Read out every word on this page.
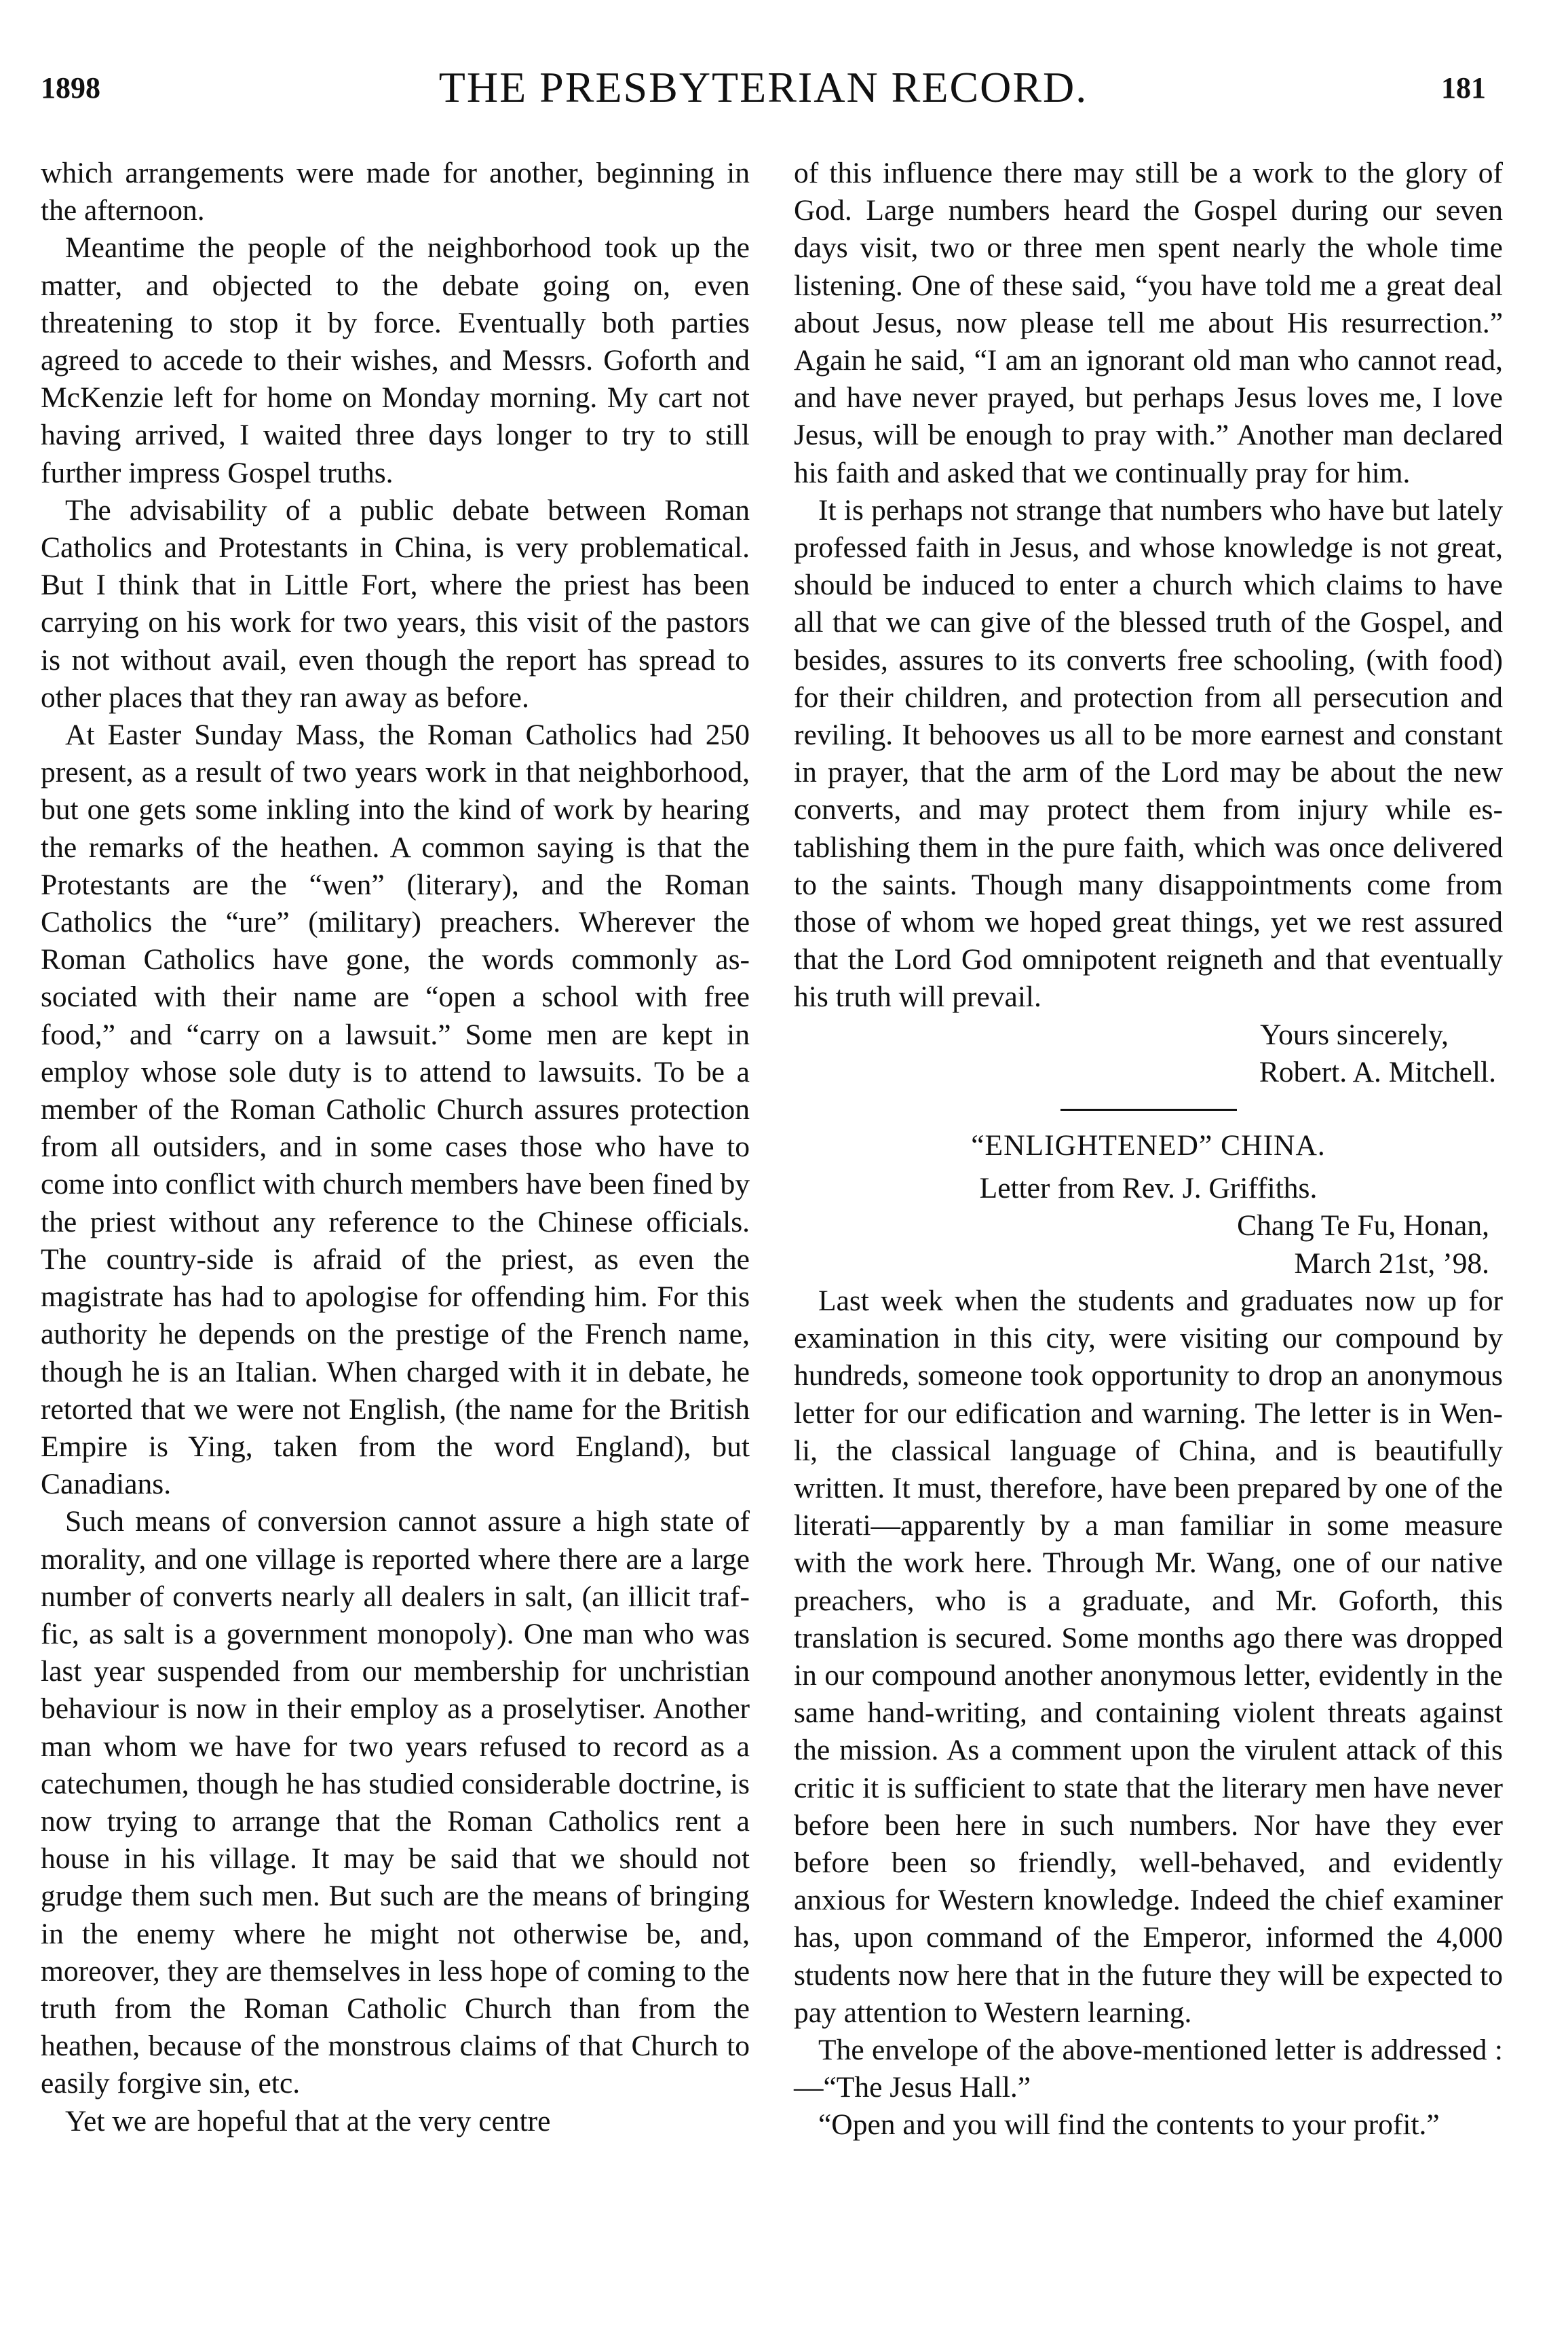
1898	THE PRESBYTERIAN RECORD.	181

which arrangements were made for another, beginning in the afternoon.

Meantime the people of the neighborhood took up the matter, and objected to the debate going on, even threatening to stop it by force. Eventually both parties agreed to accede to their wishes, and Messrs. Goforth and McKenzie left for home on Monday morning. My cart not having arrived, I waited three days longer to try to still further impress Gospel truths.

The advisability of a public debate between Roman Catholics and Protestants in China, is very problematical. But I think that in Little Fort, where the priest has been carrying on his work for two years, this visit of the pastors is not without avail, even though the report has spread to other places that they ran away as before.

At Easter Sunday Mass, the Roman Catholics had 250 present, as a result of two years work in that neighborhood, but one gets some inkling into the kind of work by hearing the remarks of the heathen. A common saying is that the Protestants are the “wen” (literary), and the Roman Catholics the “ure” (military) preachers. Wherever the Roman Catholics have gone, the words commonly associated with their name are “open a school with free food,” and “carry on a lawsuit.” Some men are kept in employ whose sole duty is to attend to lawsuits. To be a member of the Roman Catholic Church assures protection from all outsiders, and in some cases those who have to come into conflict with church members have been fined by the priest without any reference to the Chinese officials. The country-side is afraid of the priest, as even the magistrate has had to apologise for offending him. For this authority he depends on the prestige of the French name, though he is an Italian. When charged with it in debate, he retorted that we were not English, (the name for the British Empire is Ying, taken from the word England), but Canadians.

Such means of conversion cannot assure a high state of morality, and one village is reported where there are a large number of converts nearly all dealers in salt, (an illicit traffic, as salt is a government monopoly). One man who was last year suspended from our membership for unchristian behaviour is now in their employ as a proselytiser. Another man whom we have for two years refused to record as a catechumen, though he has studied considerable doctrine, is now trying to arrange that the Roman Catholics rent a house in his village. It may be said that we should not grudge them such men. But such are the means of bringing in the enemy where he might not otherwise be, and, moreover, they are themselves in less hope of coming to the truth from the Roman Catholic Church than from the heathen, because of the monstrous claims of that Church to easily forgive sin, etc.

Yet we are hopeful that at the very centre

of this influence there may still be a work to the glory of God. Large numbers heard the Gospel during our seven days visit, two or three men spent nearly the whole time listening. One of these said, “you have told me a great deal about Jesus, now please tell me about His resurrection.” Again he said, “I am an ignorant old man who cannot read, and have never prayed, but perhaps Jesus loves me, I love Jesus, will be enough to pray with.” Another man declared his faith and asked that we continually pray for him.

It is perhaps not strange that numbers who have but lately professed faith in Jesus, and whose knowledge is not great, should be induced to enter a church which claims to have all that we can give of the blessed truth of the Gospel, and besides, assures to its converts free schooling, (with food) for their children, and protection from all persecution and reviling. It behooves us all to be more earnest and constant in prayer, that the arm of the Lord may be about the new converts, and may protect them from injury while establishing them in the pure faith, which was once delivered to the saints. Though many disappointments come from those of whom we hoped great things, yet we rest assured that the Lord God omnipotent reigneth and that eventually his truth will prevail.

Yours sincerely,
Robert. A. Mitchell.
“ENLIGHTENED” CHINA.
Letter from Rev. J. Griffiths.
Chang Te Fu, Honan,
March 21st, ’98.

Last week when the students and graduates now up for examination in this city, were visiting our compound by hundreds, someone took opportunity to drop an anonymous letter for our edification and warning. The letter is in Wen-li, the classical language of China, and is beautifully written. It must, therefore, have been prepared by one of the literati—apparently by a man familiar in some measure with the work here. Through Mr. Wang, one of our native preachers, who is a graduate, and Mr. Goforth, this translation is secured. Some months ago there was dropped in our compound another anonymous letter, evidently in the same hand-writing, and containing violent threats against the mission. As a comment upon the virulent attack of this critic it is sufficient to state that the literary men have never before been here in such numbers. Nor have they ever before been so friendly, well-behaved, and evidently anxious for Western knowledge. Indeed the chief examiner has, upon command of the Emperor, informed the 4,000 students now here that in the future they will be expected to pay attention to Western learning.

The envelope of the above-mentioned letter is addressed :—“The Jesus Hall.”

“Open and you will find the contents to your profit.”
